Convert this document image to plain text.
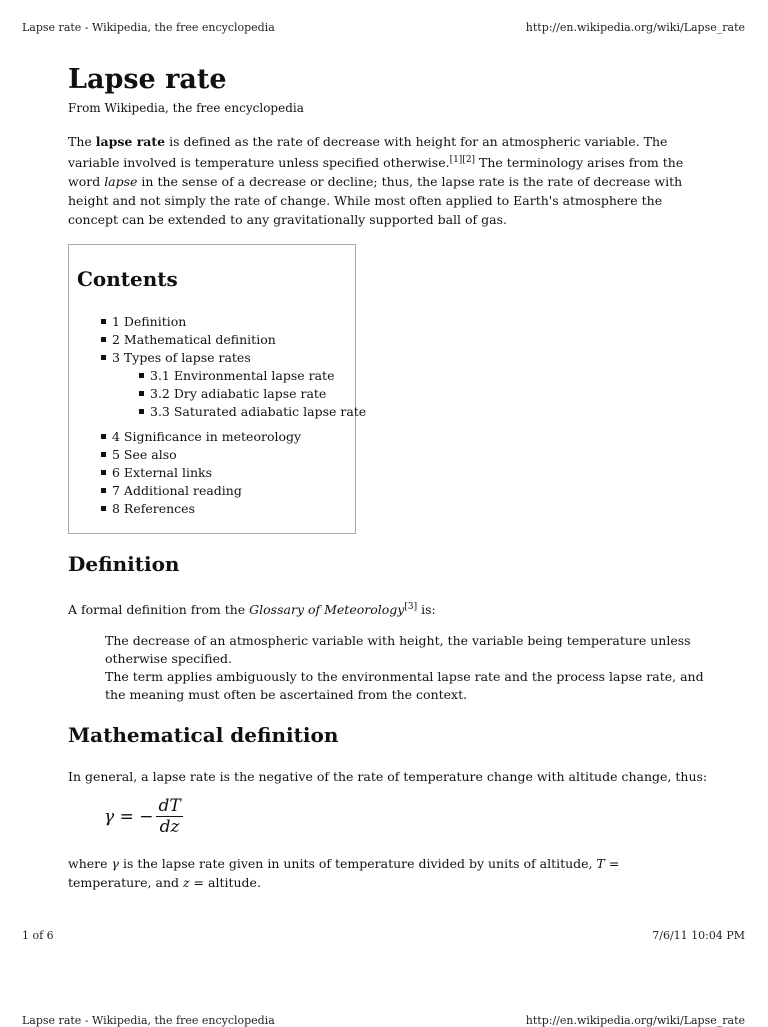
Lapse rate - Wikipedia, the free encyclopedia	http://en.wikipedia.org/wiki/Lapse_rate
Lapse rate
From Wikipedia, the free encyclopedia

The lapse rate is defined as the rate of decrease with height for an atmospheric variable. The variable involved is temperature unless specified otherwise.[1][2] The terminology arises from the word lapse in the sense of a decrease or decline; thus, the lapse rate is the rate of decrease with height and not simply the rate of change. While most often applied to Earth's atmosphere the concept can be extended to any gravitationally supported ball of gas.

Contents
1 Definition
2 Mathematical definition
3 Types of lapse rates
3.1 Environmental lapse rate
3.2 Dry adiabatic lapse rate
3.3 Saturated adiabatic lapse rate
4 Significance in meteorology
5 See also
6 External links
7 Additional reading
8 References
Definition

A formal definition from the Glossary of Meteorology[3] is:

The decrease of an atmospheric variable with height, the variable being temperature unless otherwise specified.

The term applies ambiguously to the environmental lapse rate and the process lapse rate, and the meaning must often be ascertained from the context.

Mathematical definition

In general, a lapse rate is the negative of the rate of temperature change with altitude change, thus:

γ = − $\frac{dT}{dz}$

where γ is the lapse rate given in units of temperature divided by units of altitude, T = temperature, and z = altitude.

1 of 6	7/6/11 10:04 PM
Lapse rate - Wikipedia, the free encyclopedia	http://en.wikipedia.org/wiki/Lapse_rate
